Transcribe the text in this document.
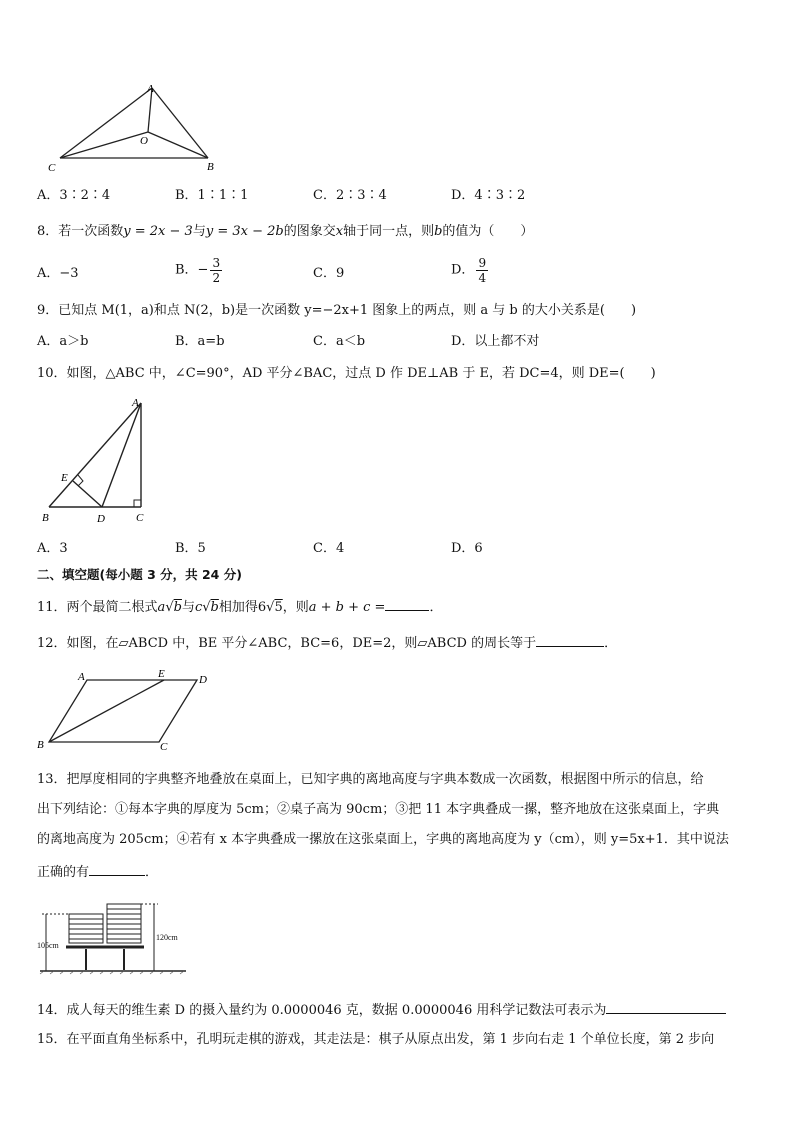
A
O
C	B
A．3∶2∶4	B．1∶1∶1	C．2∶3∶4	D．4∶3∶2
8．若一次函数y = 2x − 3与y = 3x − 2b的图象交x轴于同一点，则b的值为（　　）
A．−3	B．− $\frac{3}{2}$	C．9	D． $\frac{9}{4}$
9．已知点 M(1，a)和点 N(2，b)是一次函数 y=−2x+1 图象上的两点，则 a 与 b 的大小关系是(　　)
A．a＞b	B．a=b	C．a＜b	D．以上都不对
10．如图，△ABC 中，∠C=90°，AD 平分∠BAC，过点 D 作 DE⊥AB 于 E，若 DC=4，则 DE=(　　)
A
E
B	D	C
A．3	B．5	C．4	D．6
二、填空题(每小题 3 分，共 24 分)
11．两个最简二根式a√b与c√b相加得6√5，则a + b + c =	．
12．如图，在▱ABCD 中，BE 平分∠ABC，BC=6，DE=2，则▱ABCD 的周长等于	．
A	E	D
B	C
13．把厚度相同的字典整齐地叠放在桌面上，已知字典的离地高度与字典本数成一次函数，根据图中所示的信息，给
出下列结论：①每本字典的厚度为 5cm；②桌子高为 90cm；③把 11 本字典叠成一摞，整齐地放在这张桌面上，字典
的离地高度为 205cm；④若有 x 本字典叠成一摞放在这张桌面上，字典的离地高度为 y（cm），则 y=5x+1．其中说法
正确的有	．
105cm
120cm
14．成人每天的维生素 D 的摄入量约为 0.0000046 克，数据 0.0000046 用科学记数法可表示为
15．在平面直角坐标系中，孔明玩走棋的游戏，其走法是：棋子从原点出发，第 1 步向右走 1 个单位长度，第 2 步向
